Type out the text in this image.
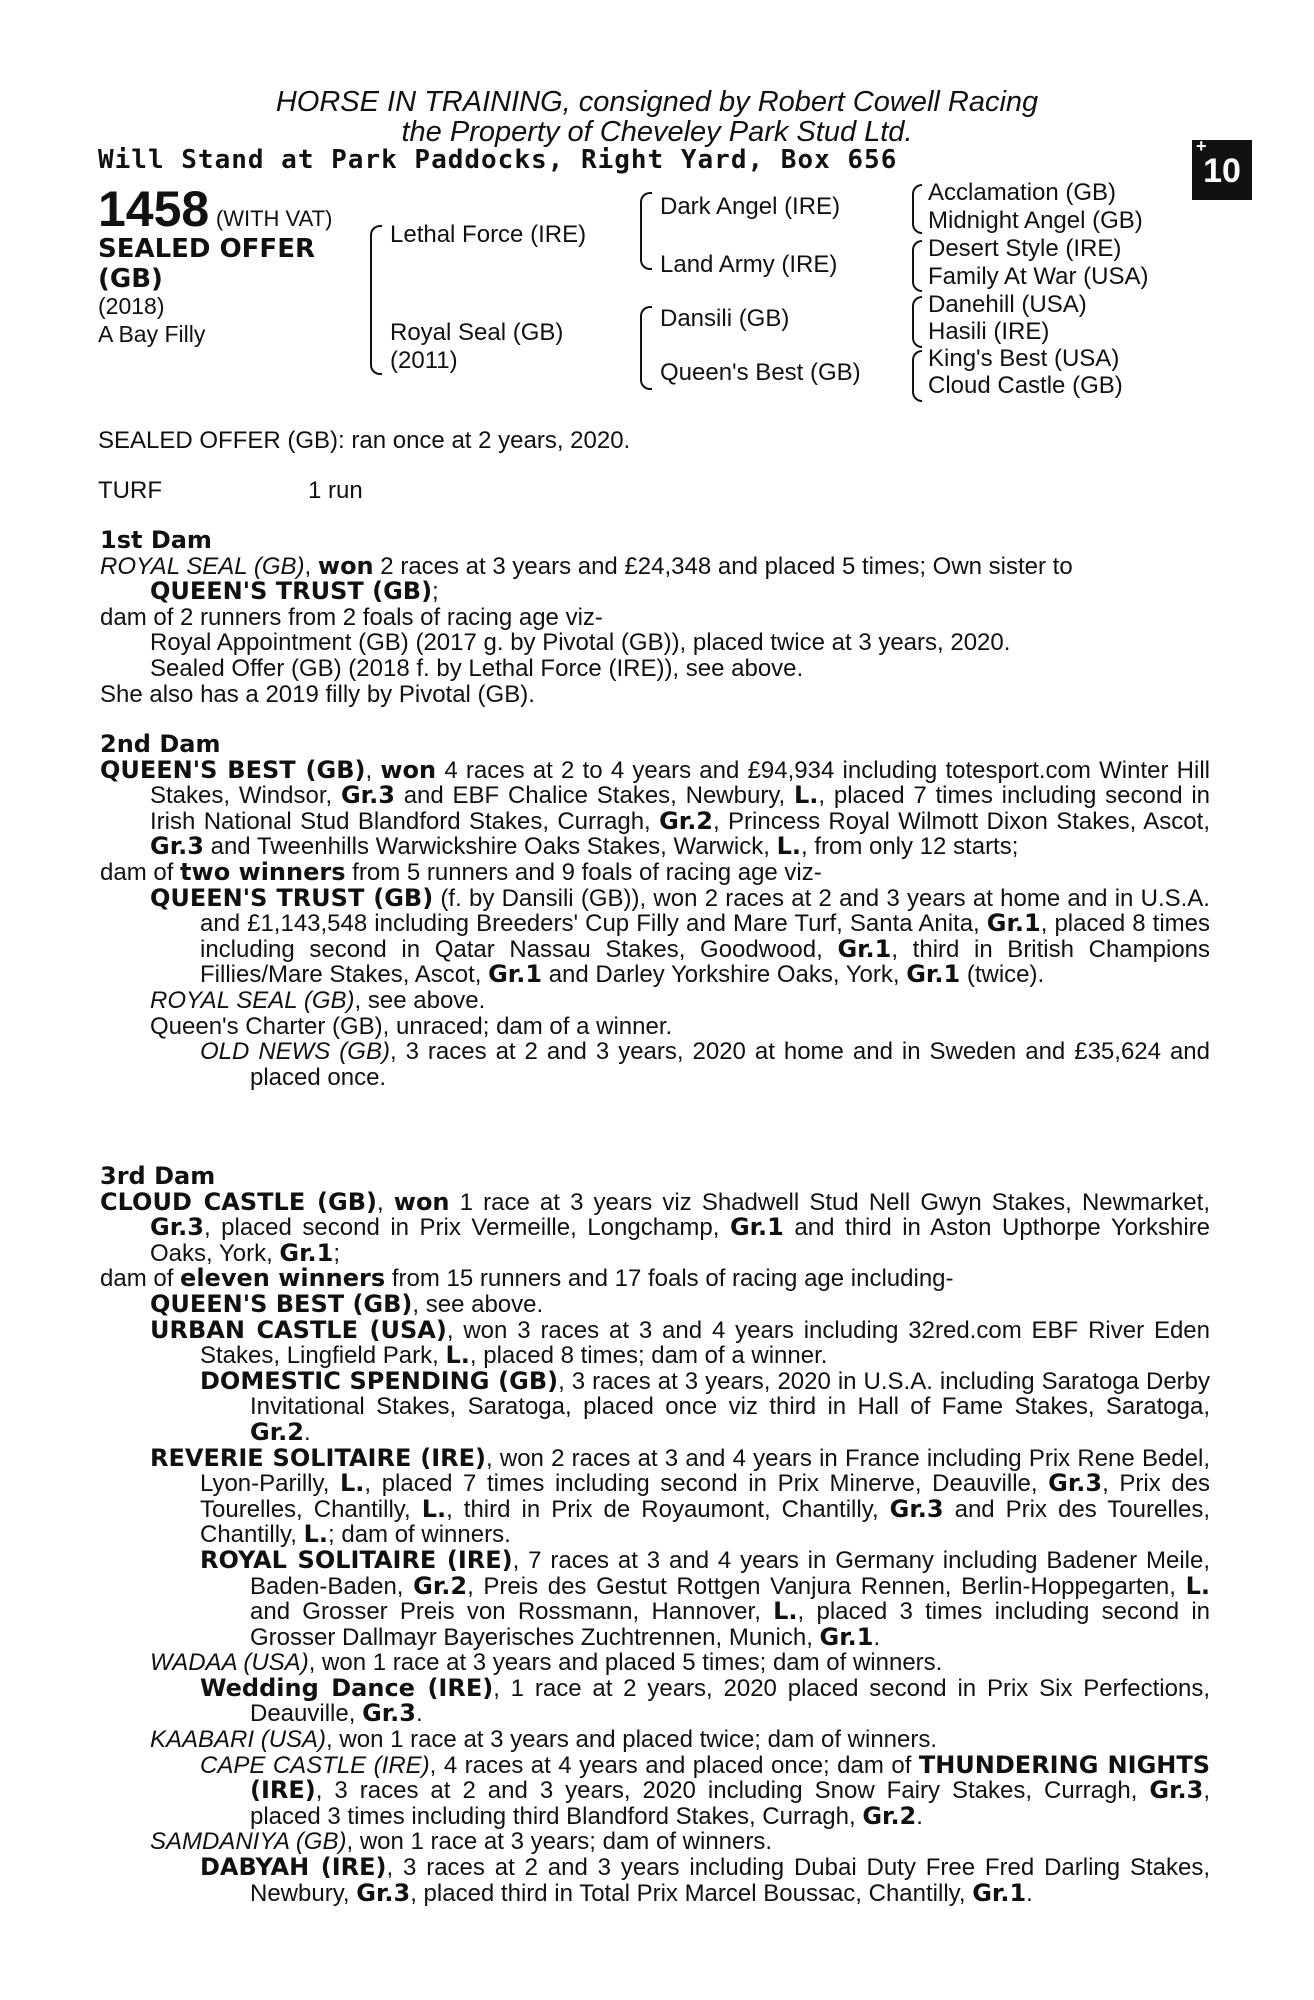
HORSE IN TRAINING, consigned by Robert Cowell Racing
the Property of Cheveley Park Stud Ltd.
Will Stand at Park Paddocks, Right Yard, Box 656	+
10
1458 (WITH VAT)
SEALED OFFER
(GB)
(2018)
A Bay Filly
Lethal Force (IRE)
Royal Seal (GB)
(2011)
Dark Angel (IRE)
Land Army (IRE)
Dansili (GB)
Queen's Best (GB)
Acclamation (GB)
Midnight Angel (GB)
Desert Style (IRE)
Family At War (USA)
Danehill (USA)
Hasili (IRE)
King's Best (USA)
Cloud Castle (GB)
SEALED OFFER (GB): ran once at 2 years, 2020.
TURF	1 run
1st Dam

ROYAL SEAL (GB), won 2 races at 3 years and £24,348 and placed 5 times; Own sister to

QUEEN'S TRUST (GB);

dam of 2 runners from 2 foals of racing age viz-

Royal Appointment (GB) (2017 g. by Pivotal (GB)), placed twice at 3 years, 2020.

Sealed Offer (GB) (2018 f. by Lethal Force (IRE)), see above.

She also has a 2019 filly by Pivotal (GB).

2nd Dam

QUEEN'S BEST (GB), won 4 races at 2 to 4 years and £94,934 including totesport.com Winter Hill Stakes, Windsor, Gr.3 and EBF Chalice Stakes, Newbury, L., placed 7 times including second in Irish National Stud Blandford Stakes, Curragh, Gr.2, Princess Royal Wilmott Dixon Stakes, Ascot, Gr.3 and Tweenhills Warwickshire Oaks Stakes, Warwick, L., from only 12 starts;

dam of two winners from 5 runners and 9 foals of racing age viz-

QUEEN'S TRUST (GB) (f. by Dansili (GB)), won 2 races at 2 and 3 years at home and in U.S.A. and £1,143,548 including Breeders' Cup Filly and Mare Turf, Santa Anita, Gr.1, placed 8 times including second in Qatar Nassau Stakes, Goodwood, Gr.1, third in British Champions Fillies/Mare Stakes, Ascot, Gr.1 and Darley Yorkshire Oaks, York, Gr.1 (twice).

ROYAL SEAL (GB), see above.

Queen's Charter (GB), unraced; dam of a winner.

OLD NEWS (GB), 3 races at 2 and 3 years, 2020 at home and in Sweden and £35,624 and placed once.

3rd Dam

CLOUD CASTLE (GB), won 1 race at 3 years viz Shadwell Stud Nell Gwyn Stakes, Newmarket, Gr.3, placed second in Prix Vermeille, Longchamp, Gr.1 and third in Aston Upthorpe Yorkshire Oaks, York, Gr.1;

dam of eleven winners from 15 runners and 17 foals of racing age including-

QUEEN'S BEST (GB), see above.

URBAN CASTLE (USA), won 3 races at 3 and 4 years including 32red.com EBF River Eden Stakes, Lingfield Park, L., placed 8 times; dam of a winner.

DOMESTIC SPENDING (GB), 3 races at 3 years, 2020 in U.S.A. including Saratoga Derby Invitational Stakes, Saratoga, placed once viz third in Hall of Fame Stakes, Saratoga, Gr.2.

REVERIE SOLITAIRE (IRE), won 2 races at 3 and 4 years in France including Prix Rene Bedel, Lyon-Parilly, L., placed 7 times including second in Prix Minerve, Deauville, Gr.3, Prix des Tourelles, Chantilly, L., third in Prix de Royaumont, Chantilly, Gr.3 and Prix des Tourelles, Chantilly, L.; dam of winners.

ROYAL SOLITAIRE (IRE), 7 races at 3 and 4 years in Germany including Badener Meile, Baden-Baden, Gr.2, Preis des Gestut Rottgen Vanjura Rennen, Berlin-Hoppegarten, L. and Grosser Preis von Rossmann, Hannover, L., placed 3 times including second in Grosser Dallmayr Bayerisches Zuchtrennen, Munich, Gr.1.

WADAA (USA), won 1 race at 3 years and placed 5 times; dam of winners.

Wedding Dance (IRE), 1 race at 2 years, 2020 placed second in Prix Six Perfections, Deauville, Gr.3.

KAABARI (USA), won 1 race at 3 years and placed twice; dam of winners.

CAPE CASTLE (IRE), 4 races at 4 years and placed once; dam of THUNDERING NIGHTS (IRE), 3 races at 2 and 3 years, 2020 including Snow Fairy Stakes, Curragh, Gr.3, placed 3 times including third Blandford Stakes, Curragh, Gr.2.

SAMDANIYA (GB), won 1 race at 3 years; dam of winners.

DABYAH (IRE), 3 races at 2 and 3 years including Dubai Duty Free Fred Darling Stakes, Newbury, Gr.3, placed third in Total Prix Marcel Boussac, Chantilly, Gr.1.
